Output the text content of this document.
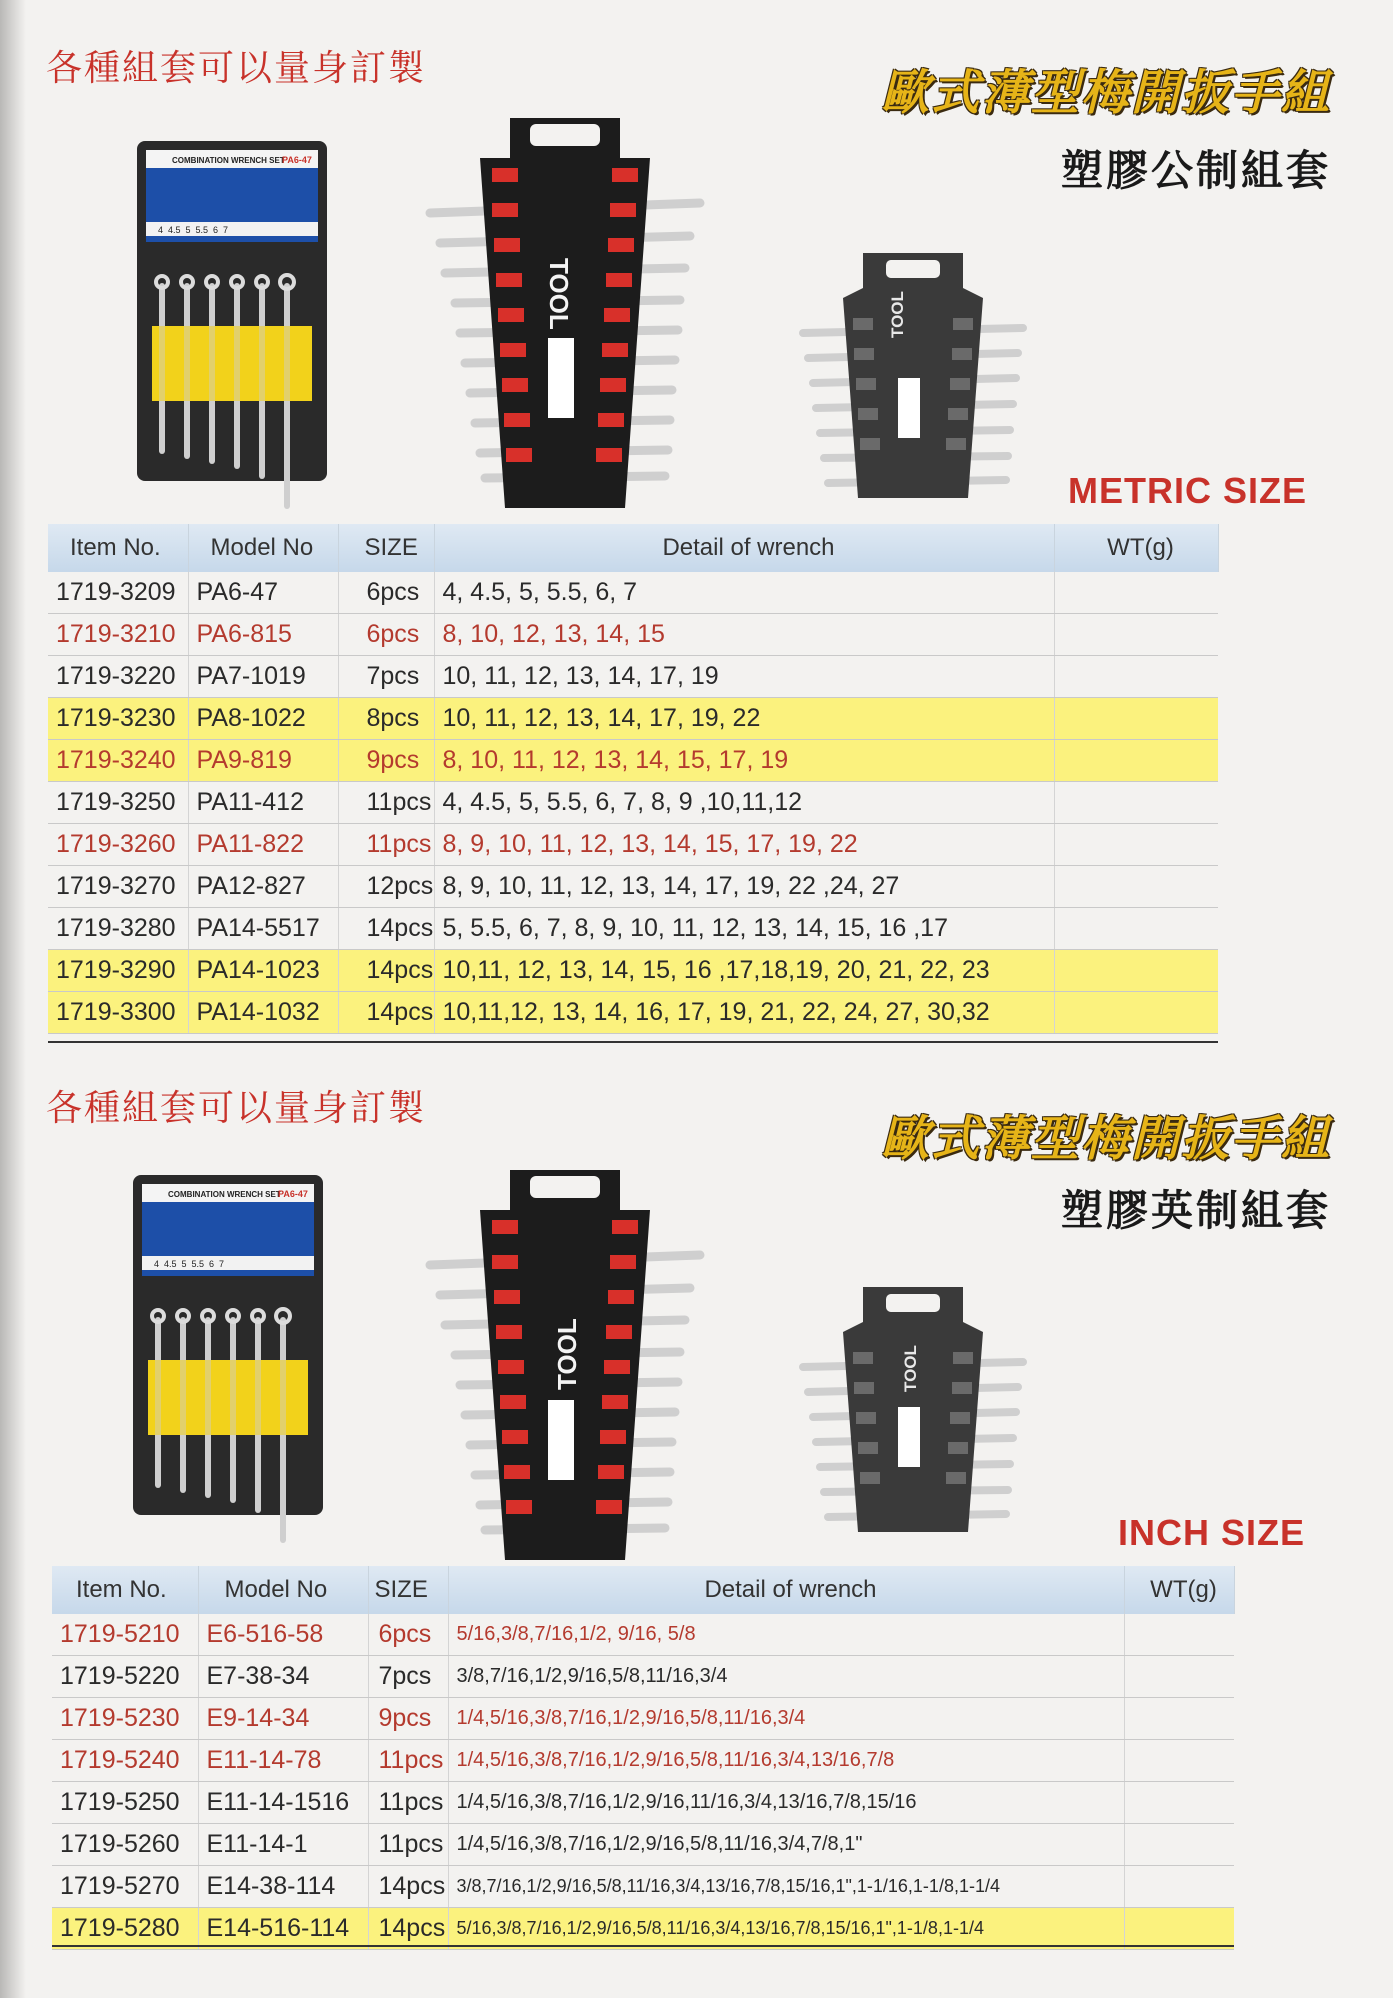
各種組套可以量身訂製	歐式薄型梅開扳手組
塑膠公制組套
COMBINATION WRENCH SET
PA6-47
4  4.5  5  5.5  6  7
TOOL	TOOL
METRIC SIZE
Item No.	Model No	SIZE	Detail of wrench	WT(g)
1719-3209	PA6-47	6pcs	4, 4.5, 5, 5.5, 6, 7	
1719-3210	PA6-815	6pcs	8, 10, 12, 13, 14, 15	
1719-3220	PA7-1019	7pcs	10, 11, 12, 13, 14, 17, 19	
1719-3230	PA8-1022	8pcs	10, 11, 12, 13, 14, 17, 19, 22	
1719-3240	PA9-819	9pcs	8, 10, 11, 12, 13, 14, 15, 17, 19	
1719-3250	PA11-412	11pcs	4, 4.5, 5, 5.5, 6, 7, 8, 9 ,10,11,12	
1719-3260	PA11-822	11pcs	8, 9, 10, 11, 12, 13, 14, 15, 17, 19, 22	
1719-3270	PA12-827	12pcs	8, 9, 10, 11, 12, 13, 14, 17, 19, 22 ,24, 27	
1719-3280	PA14-5517	14pcs	5, 5.5, 6, 7, 8, 9, 10, 11, 12, 13, 14, 15, 16 ,17	
1719-3290	PA14-1023	14pcs	10,11, 12, 13, 14, 15, 16 ,17,18,19, 20, 21, 22, 23	
1719-3300	PA14-1032	14pcs	10,11,12, 13, 14, 16, 17, 19, 21, 22, 24, 27, 30,32	
各種組套可以量身訂製
歐式薄型梅開扳手組
塑膠英制組套
COMBINATION WRENCH SET
PA6-47
4  4.5  5  5.5  6  7
TOOL	TOOL
INCH SIZE
Item No.	Model No	SIZE	Detail of wrench	WT(g)
1719-5210	E6-516-58	6pcs	5/16,3/8,7/16,1/2, 9/16, 5/8	
1719-5220	E7-38-34	7pcs	3/8,7/16,1/2,9/16,5/8,11/16,3/4	
1719-5230	E9-14-34	9pcs	1/4,5/16,3/8,7/16,1/2,9/16,5/8,11/16,3/4	
1719-5240	E11-14-78	11pcs	1/4,5/16,3/8,7/16,1/2,9/16,5/8,11/16,3/4,13/16,7/8	
1719-5250	E11-14-1516	11pcs	1/4,5/16,3/8,7/16,1/2,9/16,11/16,3/4,13/16,7/8,15/16	
1719-5260	E11-14-1	11pcs	1/4,5/16,3/8,7/16,1/2,9/16,5/8,11/16,3/4,7/8,1"	
1719-5270	E14-38-114	14pcs	3/8,7/16,1/2,9/16,5/8,11/16,3/4,13/16,7/8,15/16,1",1-1/16,1-1/8,1-1/4	
1719-5280	E14-516-114	14pcs	5/16,3/8,7/16,1/2,9/16,5/8,11/16,3/4,13/16,7/8,15/16,1",1-1/8,1-1/4	
